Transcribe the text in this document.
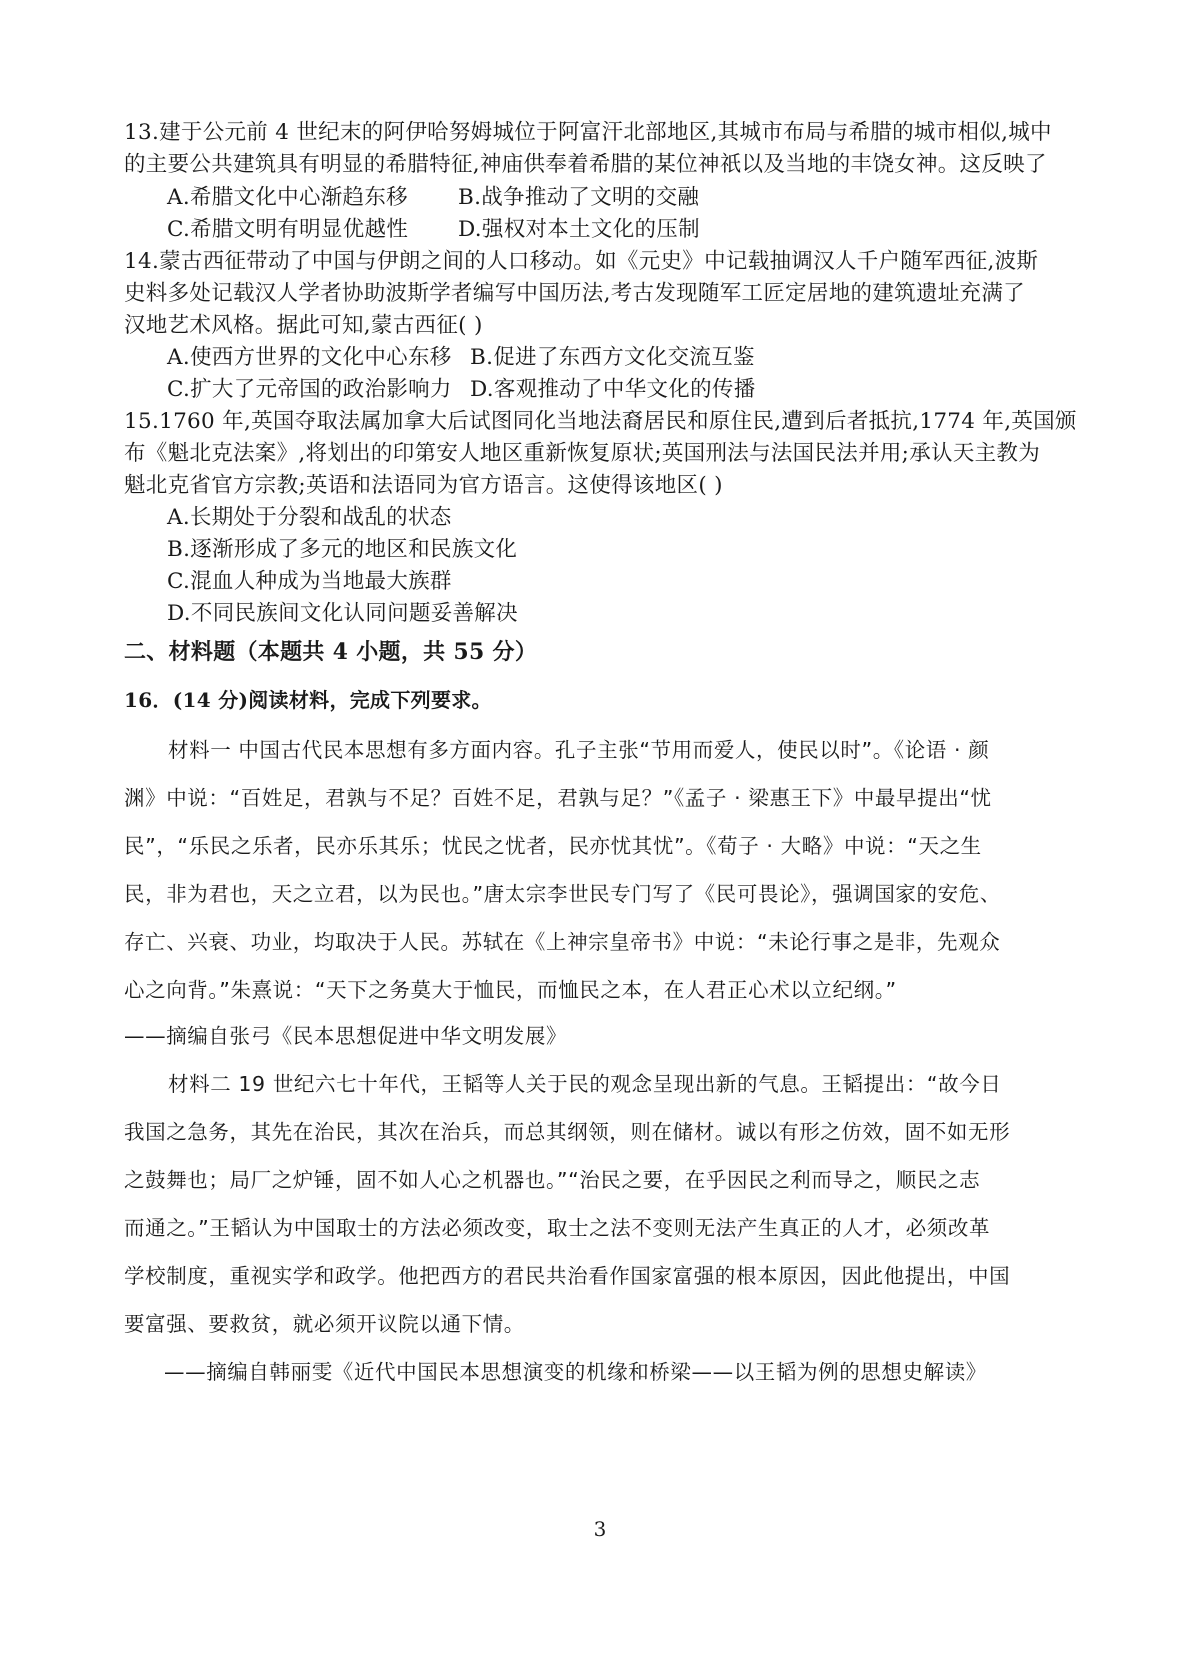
13.建于公元前 4 世纪末的阿伊哈努姆城位于阿富汗北部地区,其城市布局与希腊的城市相似,城中
的主要公共建筑具有明显的希腊特征,神庙供奉着希腊的某位神祇以及当地的丰饶女神。这反映了
A.希腊文化中心渐趋东移 B.战争推动了文明的交融
C.希腊文明有明显优越性 D.强权对本土文化的压制
14.蒙古西征带动了中国与伊朗之间的人口移动。如《元史》中记载抽调汉人千户随军西征,波斯
史料多处记载汉人学者协助波斯学者编写中国历法,考古发现随军工匠定居地的建筑遗址充满了
汉地艺术风格。据此可知,蒙古西征( )
A.使西方世界的文化中心东移 B.促进了东西方文化交流互鉴
C.扩大了元帝国的政治影响力 D.客观推动了中华文化的传播
15.1760 年,英国夺取法属加拿大后试图同化当地法裔居民和原住民,遭到后者抵抗,1774 年,英国颁
布《魁北克法案》,将划出的印第安人地区重新恢复原状;英国刑法与法国民法并用;承认天主教为
魁北克省官方宗教;英语和法语同为官方语言。这使得该地区( )
A.长期处于分裂和战乱的状态
B.逐渐形成了多元的地区和民族文化
C.混血人种成为当地最大族群
D.不同民族间文化认同问题妥善解决
二、材料题（本题共 4 小题，共 55 分）
16．(14 分)阅读材料，完成下列要求。
材料一 中国古代民本思想有多方面内容。孔子主张“节用而爱人，使民以时”。《论语 · 颜
渊》中说：“百姓足，君孰与不足？百姓不足，君孰与足？”《孟子 · 梁惠王下》中最早提出“忧
民”，“乐民之乐者，民亦乐其乐；忧民之忧者，民亦忧其忧”。《荀子 · 大略》中说：“天之生
民，非为君也，天之立君，以为民也。”唐太宗李世民专门写了《民可畏论》，强调国家的安危、
存亡、兴衰、功业，均取决于人民。苏轼在《上神宗皇帝书》中说：“未论行事之是非，先观众
心之向背。”朱熹说：“天下之务莫大于恤民，而恤民之本，在人君正心术以立纪纲。”
——摘编自张弓《民本思想促进中华文明发展》
材料二 19 世纪六七十年代，王韬等人关于民的观念呈现出新的气息。王韬提出：“故今日
我国之急务，其先在治民，其次在治兵，而总其纲领，则在储材。诚以有形之仿效，固不如无形
之鼓舞也；局厂之炉锤，固不如人心之机器也。”“治民之要，在乎因民之利而导之，顺民之志
而通之。”王韬认为中国取士的方法必须改变，取士之法不变则无法产生真正的人才，必须改革
学校制度，重视实学和政学。他把西方的君民共治看作国家富强的根本原因，因此他提出，中国
要富强、要救贫，就必须开议院以通下情。
——摘编自韩丽雯《近代中国民本思想演变的机缘和桥梁——以王韬为例的思想史解读》
3
